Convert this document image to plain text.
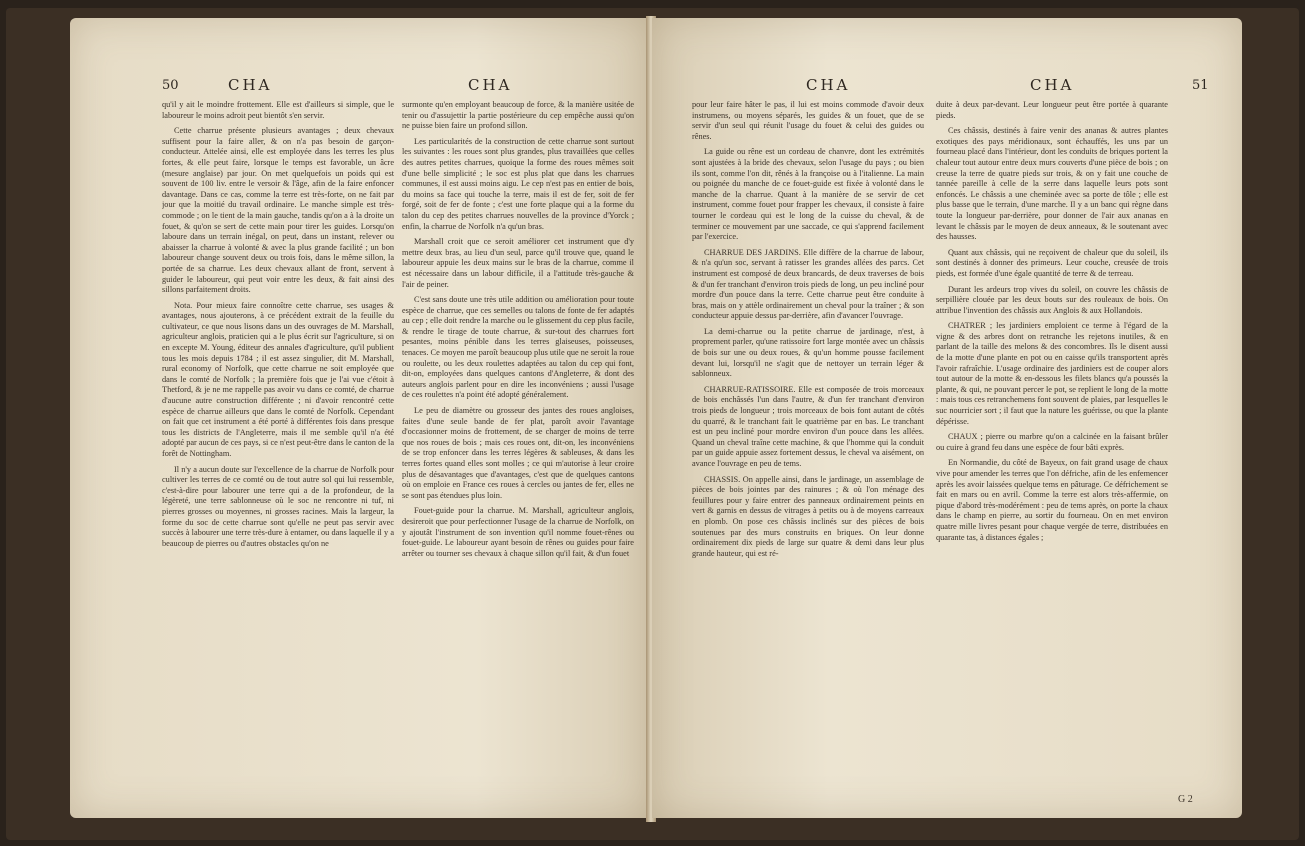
50	CHA	CHA

qu'il y ait le moindre frottement. Elle est d'ailleurs si simple, que le laboureur le moins adroit peut bientôt s'en servir.

Cette charrue présente plusieurs avantages ; deux chevaux suffisent pour la faire aller, & on n'a pas besoin de garçon-conducteur. Attelée ainsi, elle est employée dans les terres les plus fortes, & elle peut faire, lorsque le temps est favorable, un âcre (mesure anglaise) par jour. On met quelquefois un poids qui est souvent de 100 liv. entre le versoir & l'âge, afin de la faire enfoncer davantage. Dans ce cas, comme la terre est très-forte, on ne fait par jour que la moitié du travail ordinaire. Le manche simple est très-commode ; on le tient de la main gauche, tandis qu'on a à la droite un fouet, & qu'on se sert de cette main pour tirer les guides. Lorsqu'on laboure dans un terrain inégal, on peut, dans un instant, relever ou abaisser la charrue à volonté & avec la plus grande facilité ; un bon laboureur change souvent deux ou trois fois, dans le même sillon, la portée de sa charrue. Les deux chevaux allant de front, servent à guider le laboureur, qui peut voir entre les deux, & fait ainsi des sillons parfaitement droits.

Nota. Pour mieux faire connoître cette charrue, ses usages & avantages, nous ajouterons, à ce précédent extrait de la feuille du cultivateur, ce que nous lisons dans un des ouvrages de M. Marshall, agriculteur anglois, praticien qui a le plus écrit sur l'agriculture, si on en excepte M. Young, éditeur des annales d'agriculture, qu'il publient tous les mois depuis 1784 ; il est assez singulier, dit M. Marshall, rural economy of Norfolk, que cette charrue ne soit employée que dans le comté de Norfolk ; la première fois que je l'ai vue c'étoit à Thetford, & je ne me rappelle pas avoir vu dans ce comté, de charrue d'aucune autre construction différente ; ni d'avoir rencontré cette espèce de charrue ailleurs que dans le comté de Norfolk. Cependant on fait que cet instrument a été porté à différentes fois dans presque tous les districts de l'Angleterre, mais il me semble qu'il n'a été adopté par aucun de ces pays, si ce n'est peut-être dans le canton de la forêt de Nottingham.

Il n'y a aucun doute sur l'excellence de la charrue de Norfolk pour cultiver les terres de ce comté ou de tout autre sol qui lui ressemble, c'est-à-dire pour labourer une terre qui a de la profondeur, de la légèreté, une terre sablonneuse où le soc ne rencontre ni tuf, ni pierres grosses ou moyennes, ni grosses racines. Mais la largeur, la forme du soc de cette charrue sont qu'elle ne peut pas servir avec succès à labourer une terre très-dure à entamer, ou dans laquelle il y a beaucoup de pierres ou d'autres obstacles qu'on ne

surmonte qu'en employant beaucoup de force, & la manière usitée de tenir ou d'assujettir la partie postérieure du cep empêche aussi qu'on ne puisse bien faire un profond sillon.

Les particularités de la construction de cette charrue sont surtout les suivantes : les roues sont plus grandes, plus travaillées que celles des autres petites charrues, quoique la forme des roues mêmes soit d'une belle simplicité ; le soc est plus plat que dans les charrues communes, il est aussi moins aigu. Le cep n'est pas en entier de bois, du moins sa face qui touche la terre, mais il est de fer, soit de fer forgé, soit de fer de fonte ; c'est une forte plaque qui a la forme du talon du cep des petites charrues nouvelles de la province d'Yorck ; enfin, la charrue de Norfolk n'a qu'un bras.

Marshall croit que ce seroit améliorer cet instrument que d'y mettre deux bras, au lieu d'un seul, parce qu'il trouve que, quand le laboureur appuie les deux mains sur le bras de la charrue, comme il est nécessaire dans un labour difficile, il a l'attitude très-gauche & l'air de peiner.

C'est sans doute une très utile addition ou amélioration pour toute espèce de charrue, que ces semelles ou talons de fonte de fer adaptés au cep ; elle doit rendre la marche ou le glissement du cep plus facile, & rendre le tirage de toute charrue, & sur-tout des charrues fort pesantes, moins pénible dans les terres glaiseuses, poisseuses, tenaces. Ce moyen me paroît beaucoup plus utile que ne seroit la roue ou roulette, ou les deux roulettes adaptées au talon du cep qui font, dit-on, employées dans quelques cantons d'Angleterre, & dont des auteurs anglois parlent pour en dire les inconvéniens ; aussi l'usage de ces roulettes n'a point été adopté généralement.

Le peu de diamètre ou grosseur des jantes des roues angloises, faites d'une seule bande de fer plat, paroît avoir l'avantage d'occasionner moins de frottement, de se charger de moins de terre que nos roues de bois ; mais ces roues ont, dit-on, les inconvéniens de se trop enfoncer dans les terres légères & sableuses, & dans les terres fortes quand elles sont molles ; ce qui m'autorise à leur croire plus de désavantages que d'avantages, c'est que de quelques cantons où on emploie en France ces roues à cercles ou jantes de fer, elles ne se sont pas étendues plus loin.

Fouet-guide pour la charrue. M. Marshall, agriculteur anglois, desireroit que pour perfectionner l'usage de la charrue de Norfolk, on y ajoutât l'instrument de son invention qu'il nomme fouet-rênes ou fouet-guide. Le laboureur ayant besoin de rênes ou guides pour faire arrêter ou tourner ses chevaux à chaque sillon qu'il fait, & d'un fouet

CHA	CHA	51

pour leur faire hâter le pas, il lui est moins commode d'avoir deux instrumens, ou moyens séparés, les guides & un fouet, que de se servir d'un seul qui réunit l'usage du fouet & celui des guides ou rênes.

La guide ou rêne est un cordeau de chanvre, dont les extrémités sont ajustées à la bride des chevaux, selon l'usage du pays ; ou bien ils sont, comme l'on dit, rênés à la françoise ou à l'italienne. La main ou poignée du manche de ce fouet-guide est fixée à volonté dans le manche de la charrue. Quant à la manière de se servir de cet instrument, comme fouet pour frapper les chevaux, il consiste à faire tourner le cordeau qui est le long de la cuisse du cheval, & de terminer ce mouvement par une saccade, ce qui s'apprend facilement par l'exercice.

CHARRUE DES JARDINS. Elle diffère de la charrue de labour, & n'a qu'un soc, servant à ratisser les grandes allées des parcs. Cet instrument est composé de deux brancards, de deux traverses de bois & d'un fer tranchant d'environ trois pieds de long, un peu incliné pour mordre d'un pouce dans la terre. Cette charrue peut être conduite à bras, mais on y attèle ordinairement un cheval pour la traîner ; & son conducteur appuie dessus par-derrière, afin d'avancer l'ouvrage.

La demi-charrue ou la petite charrue de jardinage, n'est, à proprement parler, qu'une ratissoire fort large montée avec un châssis de bois sur une ou deux roues, & qu'un homme pousse facilement devant lui, lorsqu'il ne s'agit que de nettoyer un terrain léger & sablonneux.

CHARRUE-RATISSOIRE. Elle est composée de trois morceaux de bois enchâssés l'un dans l'autre, & d'un fer tranchant d'environ trois pieds de longueur ; trois morceaux de bois font autant de côtés du quarré, & le tranchant fait le quatrième par en bas. Le tranchant est un peu incliné pour mordre environ d'un pouce dans les allées. Quand un cheval traîne cette machine, & que l'homme qui la conduit par un guide appuie assez fortement dessus, le cheval va aisément, on avance l'ouvrage en peu de tems.

CHASSIS. On appelle ainsi, dans le jardinage, un assemblage de pièces de bois jointes par des rainures ; & où l'on ménage des feuillures pour y faire entrer des panneaux ordinairement peints en vert & garnis en dessus de vitrages à petits ou à de moyens carreaux en plomb. On pose ces châssis inclinés sur des pièces de bois soutenues par des murs construits en briques. On leur donne ordinairement dix pieds de large sur quatre & demi dans leur plus grande hauteur, qui est ré-

duite à deux par-devant. Leur longueur peut être portée à quarante pieds.

Ces châssis, destinés à faire venir des ananas & autres plantes exotiques des pays méridionaux, sont échauffés, les uns par un fourneau placé dans l'intérieur, dont les conduits de briques portent la chaleur tout autour entre deux murs couverts d'une pièce de bois ; on creuse la terre de quatre pieds sur trois, & on y fait une couche de tannée pareille à celle de la serre dans laquelle leurs pots sont enfoncés. Le châssis a une cheminée avec sa porte de tôle ; elle est plus basse que le terrain, d'une marche. Il y a un banc qui règne dans toute la longueur par-derrière, pour donner de l'air aux ananas en levant le châssis par le moyen de deux anneaux, & le soutenant avec des hausses.

Quant aux châssis, qui ne reçoivent de chaleur que du soleil, ils sont destinés à donner des primeurs. Leur couche, creusée de trois pieds, est formée d'une égale quantité de terre & de terreau.

Durant les ardeurs trop vives du soleil, on couvre les châssis de serpillière clouée par les deux bouts sur des rouleaux de bois. On attribue l'invention des châssis aux Anglois & aux Hollandois.

CHATRER ; les jardiniers emploient ce terme à l'égard de la vigne & des arbres dont on retranche les rejetons inutiles, & en parlant de la taille des melons & des concombres. Ils le disent aussi de la motte d'une plante en pot ou en caisse qu'ils transportent après l'avoir rafraîchie. L'usage ordinaire des jardiniers est de couper alors tout autour de la motte & en-dessous les filets blancs qu'a poussés la plante, & qui, ne pouvant percer le pot, se replient le long de la motte : mais tous ces retranchemens font souvent de plaies, par lesquelles le suc nourricier sort ; il faut que la nature les guérisse, ou que la plante dépérisse.

CHAUX ; pierre ou marbre qu'on a calcinée en la faisant brûler ou cuire à grand feu dans une espèce de four bâti exprès.

En Normandie, du côté de Bayeux, on fait grand usage de chaux vive pour amender les terres que l'on défriche, afin de les enfemencer après les avoir laissées quelque tems en pâturage. Ce défrichement se fait en mars ou en avril. Comme la terre est alors très-affermie, on pique d'abord très-modérément : peu de tems après, on porte la chaux dans le champ en pierre, au sortir du fourneau. On en met environ quatre mille livres pesant pour chaque vergée de terre, distribuées en quarante tas, à distances égales ;

G 2
